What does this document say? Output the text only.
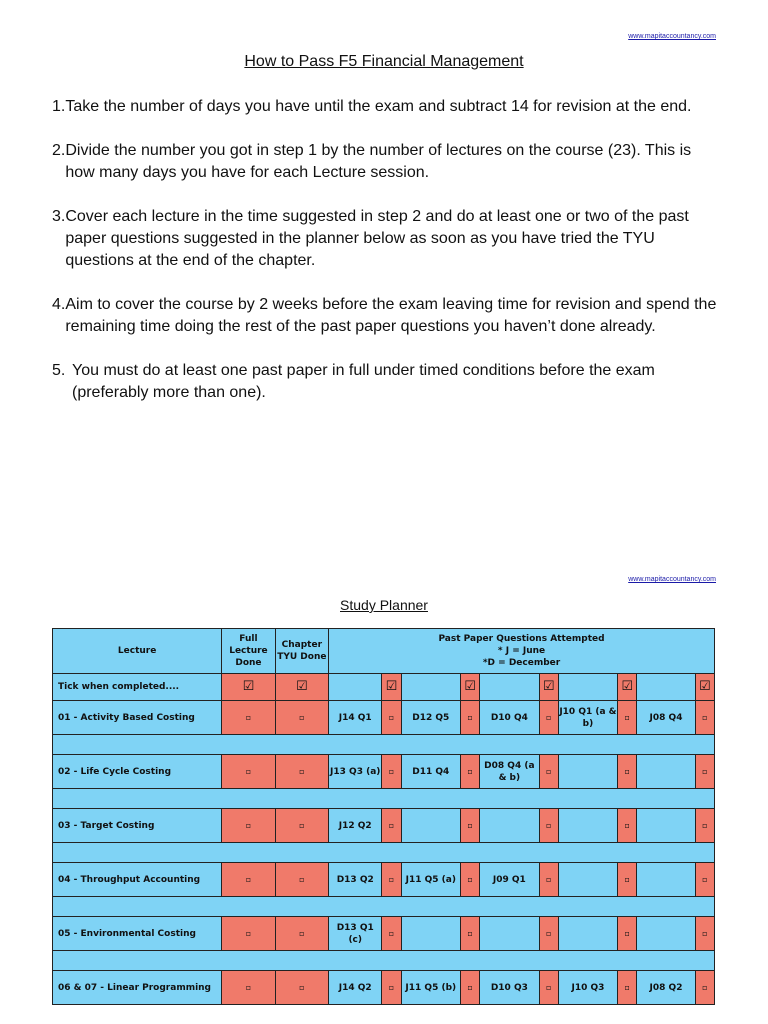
www.mapitaccountancy.com
How to Pass F5 Financial Management
1. Take the number of days you have until the exam and subtract 14 for revision at the end.
2. Divide the number you got in step 1 by the number of lectures on the course (23). This is how many days you have for each Lecture session.
3. Cover each lecture in the time suggested in step 2 and do at least one or two of the past paper questions suggested in the planner below as soon as you have tried the TYU questions at the end of the chapter.
4. Aim to cover the course by 2 weeks before the exam leaving time for revision and spend the remaining time doing the rest of the past paper questions you haven’t done already.
5. You must do at least one past paper in full under timed conditions before the exam (preferably more than one).
www.mapitaccountancy.com
Study Planner
Lecture	Full Lecture Done	Chapter TYU Done	Past Paper Questions Attempted
* J = June
*D = December									

Tick when completed....	☑	☑		☑		☑		☑		☑		☑
01 - Activity Based Costing	▫	▫	J14 Q1	▫	D12 Q5	▫	D10 Q4	▫	J10 Q1 (a & b)	▫	J08 Q4	▫

02 - Life Cycle Costing	▫	▫	J13 Q3 (a)	▫	D11 Q4	▫	D08 Q4 (a & b)	▫		▫		▫

03 - Target Costing	▫	▫	J12 Q2	▫		▫		▫		▫		▫

04 - Throughput Accounting	▫	▫	D13 Q2	▫	J11 Q5 (a)	▫	J09 Q1	▫		▫		▫

05 - Environmental Costing	▫	▫	D13 Q1 (c)	▫		▫		▫		▫		▫

06 & 07 - Linear Programming	▫	▫	J14 Q2	▫	J11 Q5 (b)	▫	D10 Q3	▫	J10 Q3	▫	J08 Q2	▫
